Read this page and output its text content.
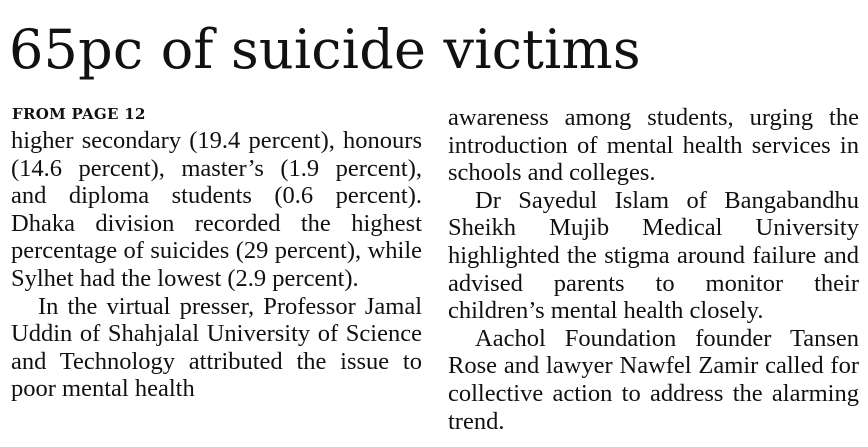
65pc of suicide victims
FROM PAGE 12

higher secondary (19.4 percent), honours (14.6 percent), master’s (1.9 percent), and diploma students (0.6 percent). Dhaka division recorded the highest percentage of suicides (29 percent), while Sylhet had the lowest (2.9 percent).

In the virtual presser, Professor Jamal Uddin of Shahjalal University of Science and Technology attributed the issue to poor mental health

awareness among students, urging the introduction of mental health services in schools and colleges.

Dr Sayedul Islam of Bangabandhu Sheikh Mujib Medical University highlighted the stigma around failure and advised parents to monitor their children’s mental health closely.

Aachol Foundation founder Tansen Rose and lawyer Nawfel Zamir called for collective action to address the alarming trend.
